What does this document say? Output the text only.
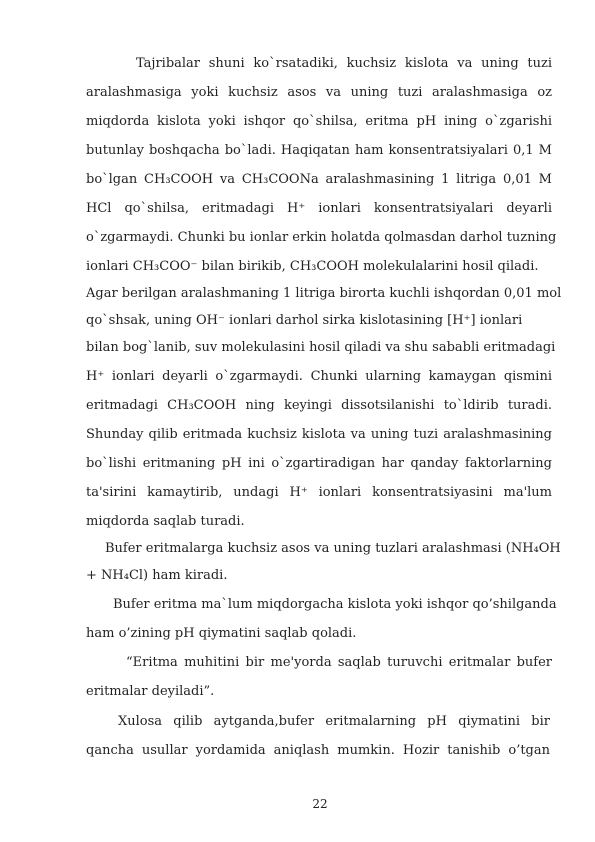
Tajribalar shuni ko`rsatadiki, kuchsiz kislota va uning tuzi
aralashmasiga yoki kuchsiz asos va uning tuzi aralashmasiga oz
miqdorda kislota yoki ishqor qo`shilsa, eritma pH ining o`zgarishi
butunlay boshqacha bo`ladi. Haqiqatan ham konsentratsiyalari 0,1 M
bo`lgan CH₃COOH va CH₃COONa aralashmasining 1 litriga 0,01 M
HCl qo`shilsa, eritmadagi H⁺ ionlari konsentratsiyalari deyarli
o`zgarmaydi. Chunki bu ionlar erkin holatda qolmasdan darhol tuzning
ionlari CH₃COO⁻ bilan birikib, CH₃COOH molekulalarini hosil qiladi.
Agar berilgan aralashmaning 1 litriga birorta kuchli ishqordan 0,01 mol
qo`shsak, uning OH⁻ ionlari darhol sirka kislotasining [H⁺] ionlari
bilan bog`lanib, suv molekulasini hosil qiladi va shu sababli eritmadagi
H⁺ ionlari deyarli o`zgarmaydi. Chunki ularning kamaygan qismini
eritmadagi CH₃COOH ning keyingi dissotsilanishi to`ldirib turadi.
Shunday qilib eritmada kuchsiz kislota va uning tuzi aralashmasining
bo`lishi eritmaning pH ini o`zgartiradigan har qanday faktorlarning
ta'sirini kamaytirib, undagi H⁺ ionlari konsentratsiyasini ma'lum
miqdorda saqlab turadi.
Bufer eritmalarga kuchsiz asos va uning tuzlari aralashmasi (NH₄OH
+ NH₄Cl) ham kiradi.
Bufer eritma ma`lum miqdorgacha kislota yoki ishqor qo’shilganda
ham o’zining pH qiymatini saqlab qoladi.
“Eritma muhitini bir me'yorda saqlab turuvchi eritmalar bufer
eritmalar deyiladi”.
Xulosa qilib aytganda,bufer eritmalarning pH qiymatini bir
qancha usullar yordamida aniqlash mumkin. Hozir tanishib o’tgan
22
